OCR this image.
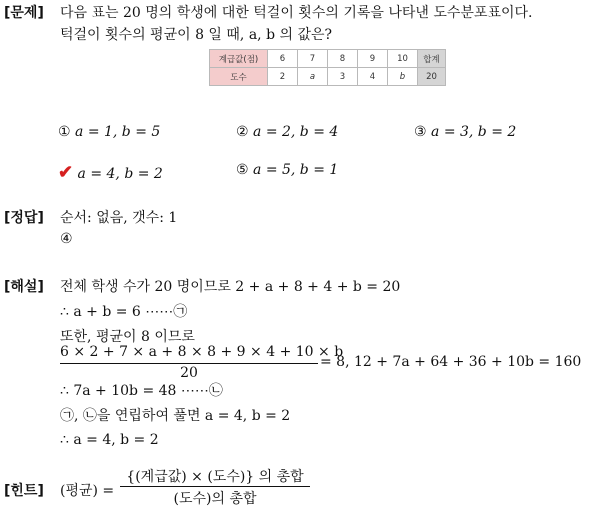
[문제] 다음 표는 20 명의 학생에 대한 턱걸이 횟수의 기록을 나타낸 도수분포표이다.
턱걸이 횟수의 평균이 8 일 때, a, b 의 값은?
계급값(점)	6	7	8	9	10	합계
도수	2	a	3	4	b	20
① a = 1, b = 5	② a = 2, b = 4	③ a = 3, b = 2
✔ a = 4, b = 2	⑤ a = 5, b = 1
[정답] 순서: 없음, 갯수: 1
④
[해설] 전체 학생 수가 20 명이므로 2 + a + 8 + 4 + b = 20
∴ a + b = 6 ⋯⋯㉠
또한, 평균이 8 이므로
6 × 2 + 7 × a + 8 × 8 + 9 × 4 + 10 × b
20
= 8, 12 + 7a + 64 + 36 + 10b = 160
∴ 7a + 10b = 48 ⋯⋯㉡
㉠, ㉡을 연립하여 풀면 a = 4, b = 2
∴ a = 4, b = 2
[힌트] (평균) =
{(계급값) × (도수)} 의 총합
(도수)의 총합
